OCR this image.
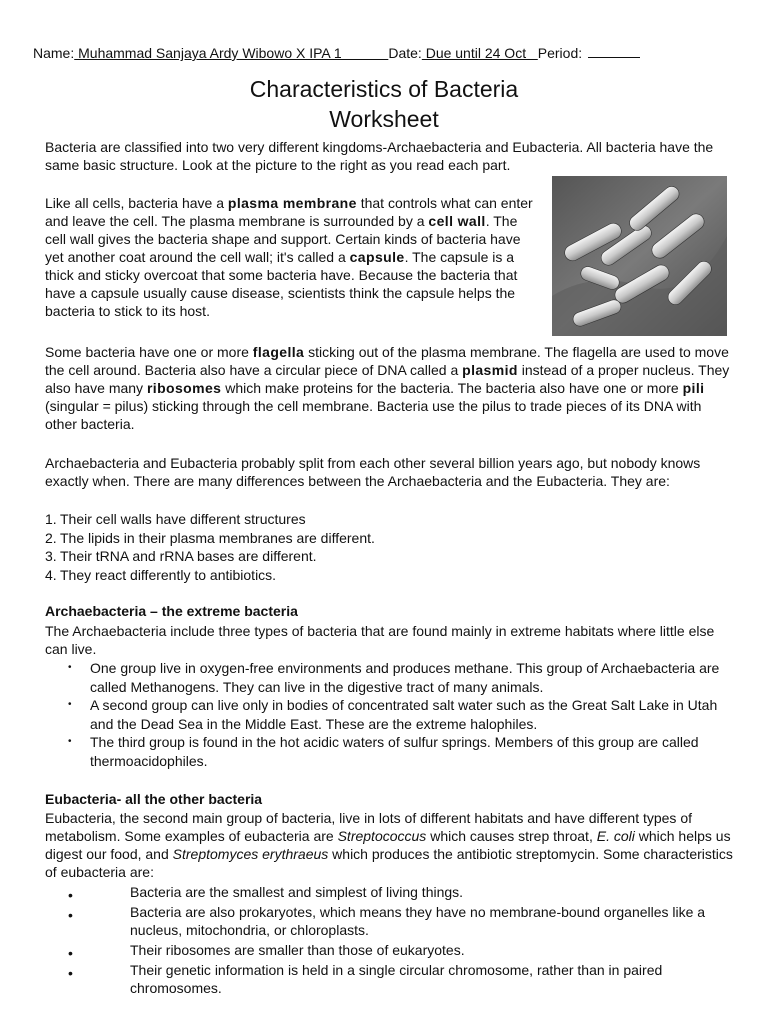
Name: Muhammad Sanjaya Ardy Wibowo X IPA 1            Date: Due until 24 Oct   Period:
Characteristics of Bacteria
Worksheet
Bacteria are classified into two very different kingdoms-Archaebacteria and Eubacteria. All bacteria have the same basic structure. Look at the picture to the right as you read each part.
Like all cells, bacteria have a plasma membrane that controls what can enter and leave the cell. The plasma membrane is surrounded by a cell wall. The cell wall gives the bacteria shape and support. Certain kinds of bacteria have yet another coat around the cell wall; it's called a capsule. The capsule is a thick and sticky overcoat that some bacteria have. Because the bacteria that have a capsule usually cause disease, scientists think the capsule helps the bacteria to stick to its host.
Some bacteria have one or more flagella sticking out of the plasma membrane. The flagella are used to move the cell around. Bacteria also have a circular piece of DNA called a plasmid instead of a proper nucleus. They also have many ribosomes which make proteins for the bacteria. The bacteria also have one or more pili (singular = pilus) sticking through the cell membrane. Bacteria use the pilus to trade pieces of its DNA with other bacteria.
Archaebacteria and Eubacteria probably split from each other several billion years ago, but nobody knows exactly when. There are many differences between the Archaebacteria and the Eubacteria. They are:
1. Their cell walls have different structures
2. The lipids in their plasma membranes are different.
3. Their tRNA and rRNA bases are different.
4. They react differently to antibiotics.
Archaebacteria – the extreme bacteria
The Archaebacteria include three types of bacteria that are found mainly in extreme habitats where little else can live.
• One group live in oxygen-free environments and produces methane. This group of Archaebacteria are called Methanogens. They can live in the digestive tract of many animals.
• A second group can live only in bodies of concentrated salt water such as the Great Salt Lake in Utah and the Dead Sea in the Middle East. These are the extreme halophiles.
• The third group is found in the hot acidic waters of sulfur springs. Members of this group are called thermoacidophiles.
Eubacteria- all the other bacteria
Eubacteria, the second main group of bacteria, live in lots of different habitats and have different types of metabolism. Some examples of eubacteria are Streptococcus which causes strep throat, E. coli which helps us digest our food, and Streptomyces erythraeus which produces the antibiotic streptomycin. Some characteristics of eubacteria are:
•	Bacteria are the smallest and simplest of living things.
•	Bacteria are also prokaryotes, which means they have no membrane-bound organelles like a nucleus, mitochondria, or chloroplasts.
•	Their ribosomes are smaller than those of eukaryotes.
•	Their genetic information is held in a single circular chromosome, rather than in paired chromosomes.
